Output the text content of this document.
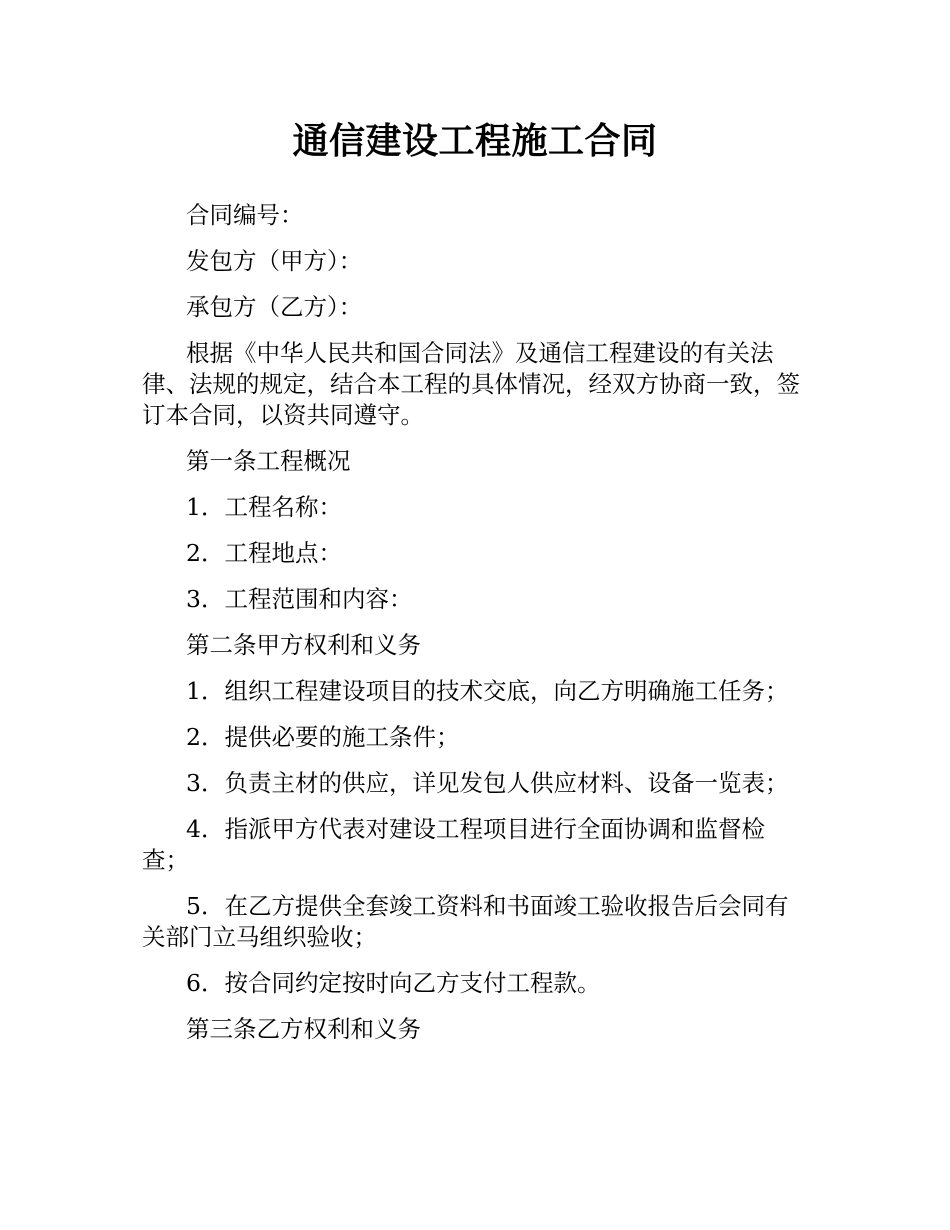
通信建设工程施工合同

合同编号：

发包方（甲方）：

承包方（乙方）：

根据《中华人民共和国合同法》及通信工程建设的有关法律、法规的规定，结合本工程的具体情况，经双方协商一致，签订本合同，以资共同遵守。

第一条工程概况

1．工程名称：

2．工程地点：

3．工程范围和内容：

第二条甲方权利和义务

1．组织工程建设项目的技术交底，向乙方明确施工任务；

2．提供必要的施工条件；

3．负责主材的供应，详见发包人供应材料、设备一览表；

4．指派甲方代表对建设工程项目进行全面协调和监督检查；

5．在乙方提供全套竣工资料和书面竣工验收报告后会同有关部门立马组织验收；

6．按合同约定按时向乙方支付工程款。

第三条乙方权利和义务
